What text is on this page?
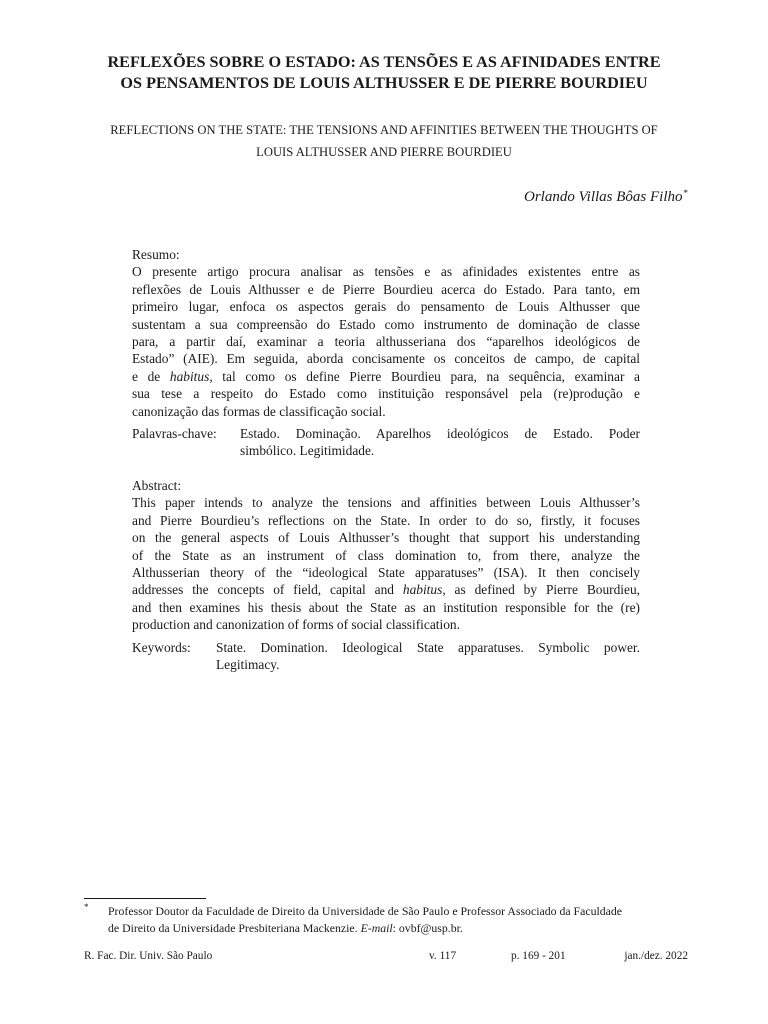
REFLEXÕES SOBRE O ESTADO: AS TENSÕES E AS AFINIDADES ENTRE
OS PENSAMENTOS DE LOUIS ALTHUSSER E DE PIERRE BOURDIEU
REFLECTIONS ON THE STATE: THE TENSIONS AND AFFINITIES BETWEEN THE THOUGHTS OF
LOUIS ALTHUSSER AND PIERRE BOURDIEU
Orlando Villas Bôas Filho*
Resumo:
O presente artigo procura analisar as tensões e as afinidades existentes entre as
reflexões de Louis Althusser e de Pierre Bourdieu acerca do Estado. Para tanto, em
primeiro lugar, enfoca os aspectos gerais do pensamento de Louis Althusser que
sustentam a sua compreensão do Estado como instrumento de dominação de classe
para, a partir daí, examinar a teoria althusseriana dos “aparelhos ideológicos de
Estado” (AIE). Em seguida, aborda concisamente os conceitos de campo, de capital
e de habitus, tal como os define Pierre Bourdieu para, na sequência, examinar a
sua tese a respeito do Estado como instituição responsável pela (re)produção e
canonização das formas de classificação social.
Palavras-chave: Estado. Dominação. Aparelhos ideológicos de Estado. Poder
simbólico. Legitimidade.
Abstract:
This paper intends to analyze the tensions and affinities between Louis Althusser’s
and Pierre Bourdieu’s reflections on the State. In order to do so, firstly, it focuses
on the general aspects of Louis Althusser’s thought that support his understanding
of the State as an instrument of class domination to, from there, analyze the
Althusserian theory of the “ideological State apparatuses” (ISA). It then concisely
addresses the concepts of field, capital and habitus, as defined by Pierre Bourdieu,
and then examines his thesis about the State as an institution responsible for the (re)
production and canonization of forms of social classification.
Keywords: State. Domination. Ideological State apparatuses. Symbolic power.
Legitimacy.
* Professor Doutor da Faculdade de Direito da Universidade de São Paulo e Professor Associado da Faculdade
de Direito da Universidade Presbiteriana Mackenzie. E-mail: ovbf@usp.br.
R. Fac. Dir. Univ. São Paulo	v. 117	p. 169 - 201	jan./dez. 2022
